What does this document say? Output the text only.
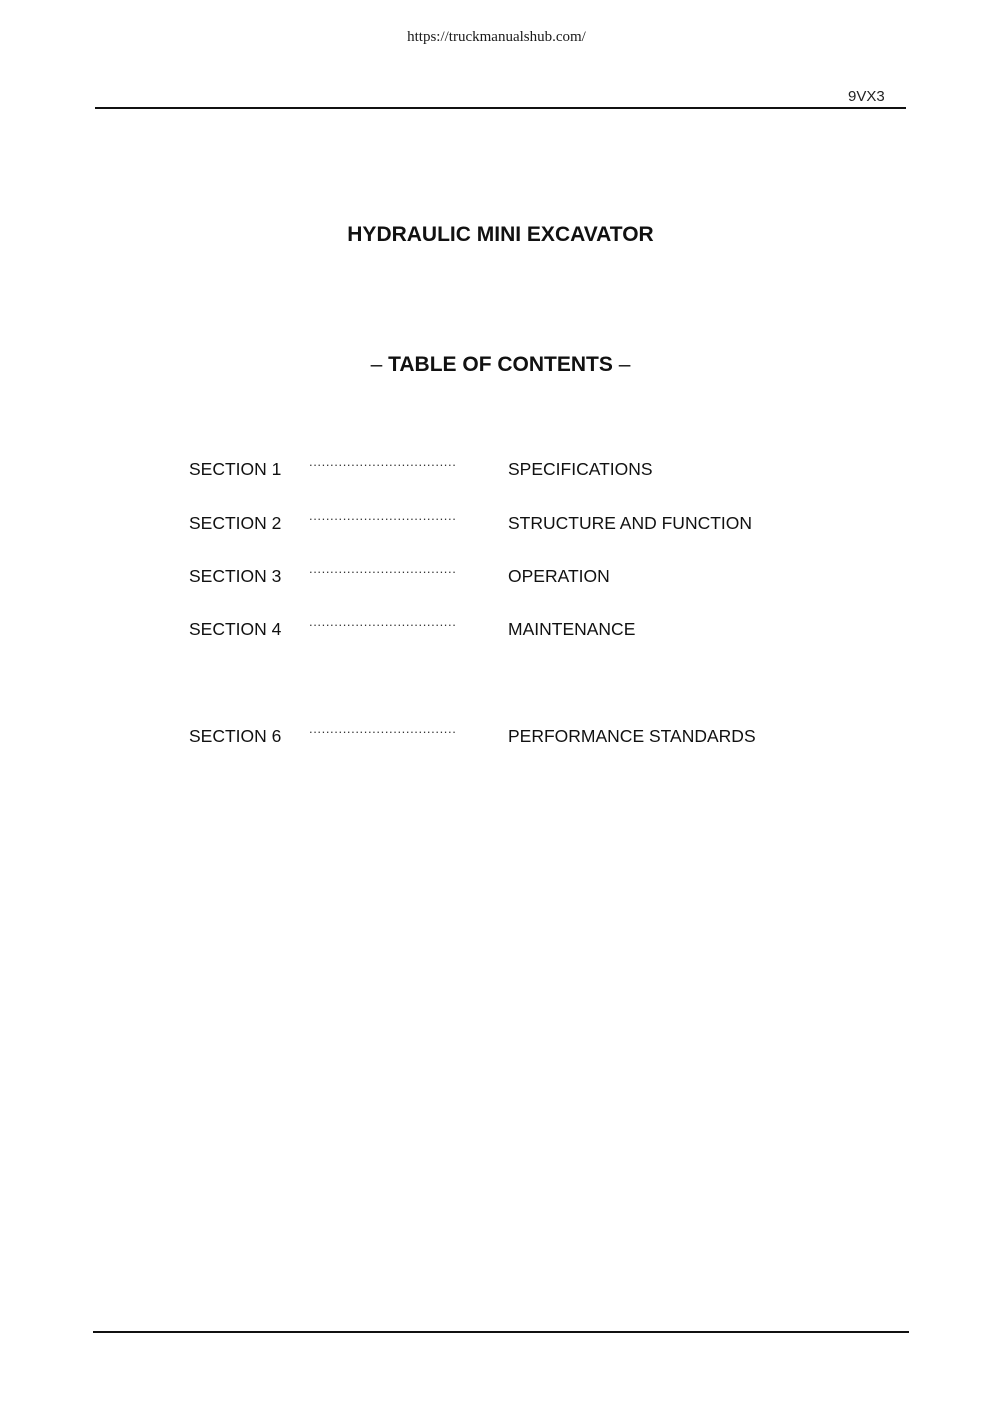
https://truckmanualshub.com/
9VX3
HYDRAULIC MINI EXCAVATOR
– TABLE OF CONTENTS –
SECTION 1 ...................................	SPECIFICATIONS
SECTION 2 ...................................	STRUCTURE AND FUNCTION
SECTION 3 ...................................	OPERATION
SECTION 4 ...................................	MAINTENANCE
SECTION 6 ...................................	PERFORMANCE STANDARDS
